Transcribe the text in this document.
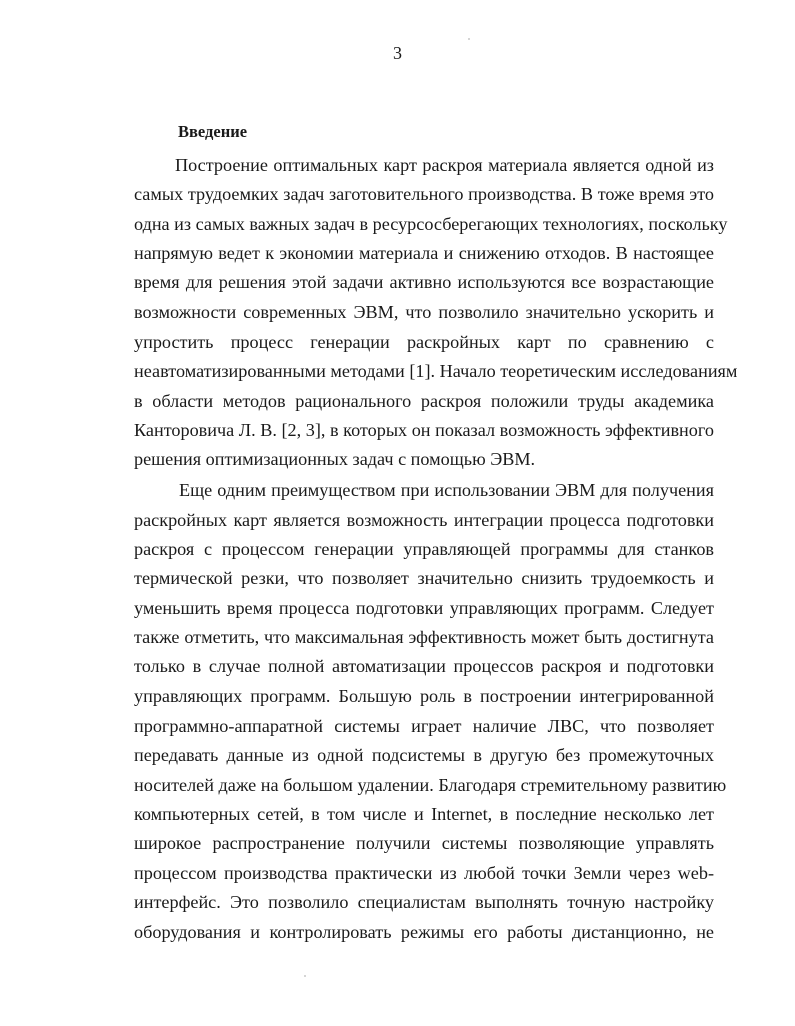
3
Введение
Построение оптимальных карт раскроя материала является одной из
самых трудоемких задач заготовительного производства. В тоже время это
одна из самых важных задач в ресурсосберегающих технологиях, поскольку
напрямую ведет к экономии материала и снижению отходов. В настоящее
время для решения этой задачи активно используются все возрастающие
возможности современных ЭВМ, что позволило значительно ускорить и
упростить процесс генерации раскройных карт по сравнению с
неавтоматизированными методами [1]. Начало теоретическим исследованиям
в области методов рационального раскроя положили труды академика
Канторовича Л. В. [2, 3], в которых он показал возможность эффективного
решения оптимизационных задач с помощью ЭВМ.
Еще одним преимуществом при использовании ЭВМ для получения
раскройных карт является возможность интеграции процесса подготовки
раскроя с процессом генерации управляющей программы для станков
термической резки, что позволяет значительно снизить трудоемкость и
уменьшить время процесса подготовки управляющих программ. Следует
также отметить, что максимальная эффективность может быть достигнута
только в случае полной автоматизации процессов раскроя и подготовки
управляющих программ. Большую роль в построении интегрированной
программно-аппаратной системы играет наличие ЛВС, что позволяет
передавать данные из одной подсистемы в другую без промежуточных
носителей даже на большом удалении. Благодаря стремительному развитию
компьютерных сетей, в том числе и Internet, в последние несколько лет
широкое распространение получили системы позволяющие управлять
процессом производства практически из любой точки Земли через web-
интерфейс. Это позволило специалистам выполнять точную настройку
оборудования и контролировать режимы его работы дистанционно, не
